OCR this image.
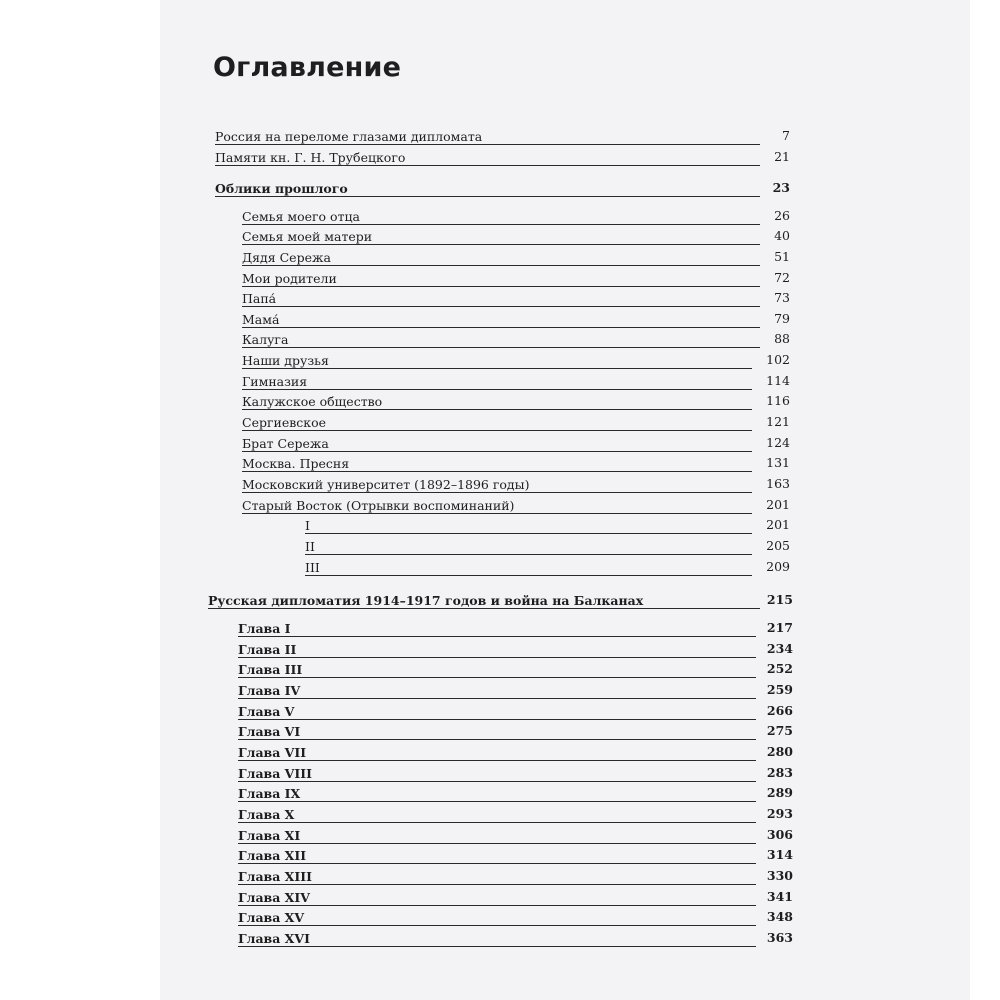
Оглавление
Россия на переломе глазами дипломата	7
Памяти кн. Г. Н. Трубецкого	21
Облики прошлого	23
Семья моего отца	26
Семья моей матери	40
Дядя Сережа	51
Мои родители	72
Папа́	73
Мама́	79
Калуга	88
Наши друзья	102
Гимназия	114
Калужское общество	116
Сергиевское	121
Брат Сережа	124
Москва. Пресня	131
Московский университет (1892–1896 годы)	163
Старый Восток (Отрывки воспоминаний)	201
I	201
II	205
III	209
Русская дипломатия 1914–1917 годов и война на Балканах	215
Глава I	217
Глава II	234
Глава III	252
Глава IV	259
Глава V	266
Глава VI	275
Глава VII	280
Глава VIII	283
Глава IX	289
Глава X	293
Глава XI	306
Глава XII	314
Глава XIII	330
Глава XIV	341
Глава XV	348
Глава XVI	363
